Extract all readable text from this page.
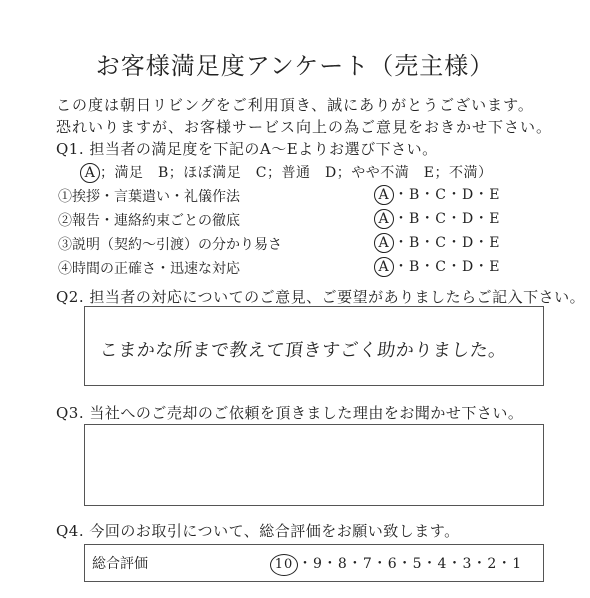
お客様満足度アンケート（売主様）
この度は朝日リビングをご利用頂き、誠にありがとうございます。
恐れいりますが、お客様サービス向上の為ご意見をおきかせ下さい。
Q1. 担当者の満足度を下記のA～Eよりお選び下さい。
A ；満足　B；ほぼ満足　C；普通　D；やや不満　E；不満）
①挨拶・言葉遣い・礼儀作法	A ・B・C・D・E
②報告・連絡約束ごとの徹底	A ・B・C・D・E
③説明（契約～引渡）の分かり易さ	A ・B・C・D・E
④時間の正確さ・迅速な対応	A ・B・C・D・E
Q2. 担当者の対応についてのご意見、ご要望がありましたらご記入下さい。
こまかな所まで教えて頂きすごく助かりました。
Q3. 当社へのご売却のご依頼を頂きました理由をお聞かせ下さい。
Q4. 今回のお取引について、総合評価をお願い致します。
総合評価	10 ・9・8・7・6・5・4・3・2・1
